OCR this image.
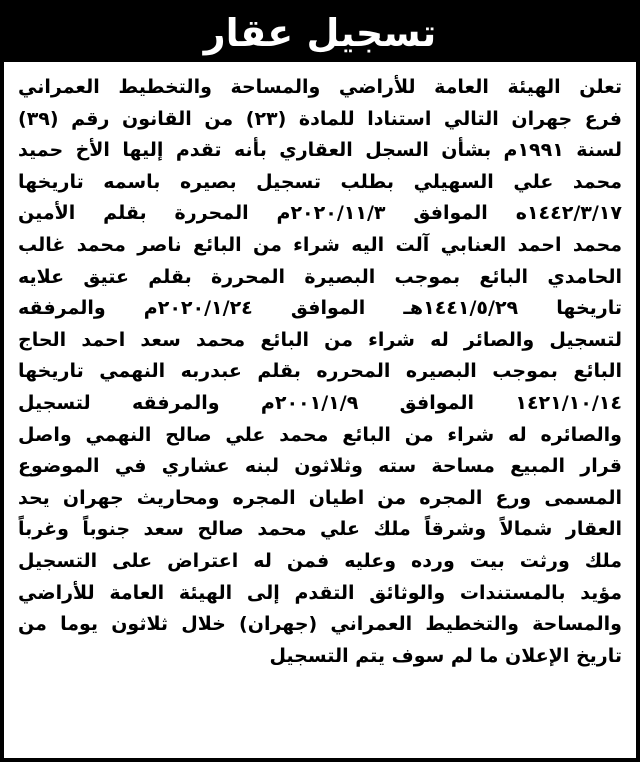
تسجيل عقار
تعلن الهيئة العامة للأراضي والمساحة والتخطيط العمراني
فرع جهران التالي استنادا للمادة (٢٣) من القانون رقم (٣٩)
لسنة ١٩٩١م بشأن السجل العقاري بأنه تقدم إليها الأخ حميد
محمد علي السهيلي بطلب تسجيل بصيره باسمه تاريخها
١٤٤٢/٣/١٧ه الموافق ٢٠٢٠/١١/٣م المحررة بقلم الأمين
محمد احمد العنابي آلت اليه شراء من البائع ناصر محمد غالب
الحامدي البائع بموجب البصيرة المحررة بقلم عتيق علايه
تاريخها ١٤٤١/٥/٢٩هـ الموافق ٢٠٢٠/١/٢٤م والمرفقه
لتسجيل والصائر له شراء من البائع محمد سعد احمد الحاج
البائع بموجب البصيره المحرره بقلم عبدربه النهمي تاريخها
١٤٢١/١٠/١٤ الموافق ٢٠٠١/١/٩م والمرفقه لتسجيل
والصائره له شراء من البائع محمد علي صالح النهمي واصل
قرار المبيع مساحة سته وثلاثون لبنه عشاري في الموضوع
المسمى ورع المجره من اطيان المجره ومحاريث جهران يحد
العقار شمالاً وشرقاً ملك علي محمد صالح سعد جنوباً وغرباً
ملك ورثت بيت ورده وعليه فمن له اعتراض على التسجيل
مؤيد بالمستندات والوثائق التقدم إلى الهيئة العامة للأراضي
والمساحة والتخطيط العمراني (جهران) خلال ثلاثون يوما من
تاريخ الإعلان ما لم سوف يتم التسجيل
